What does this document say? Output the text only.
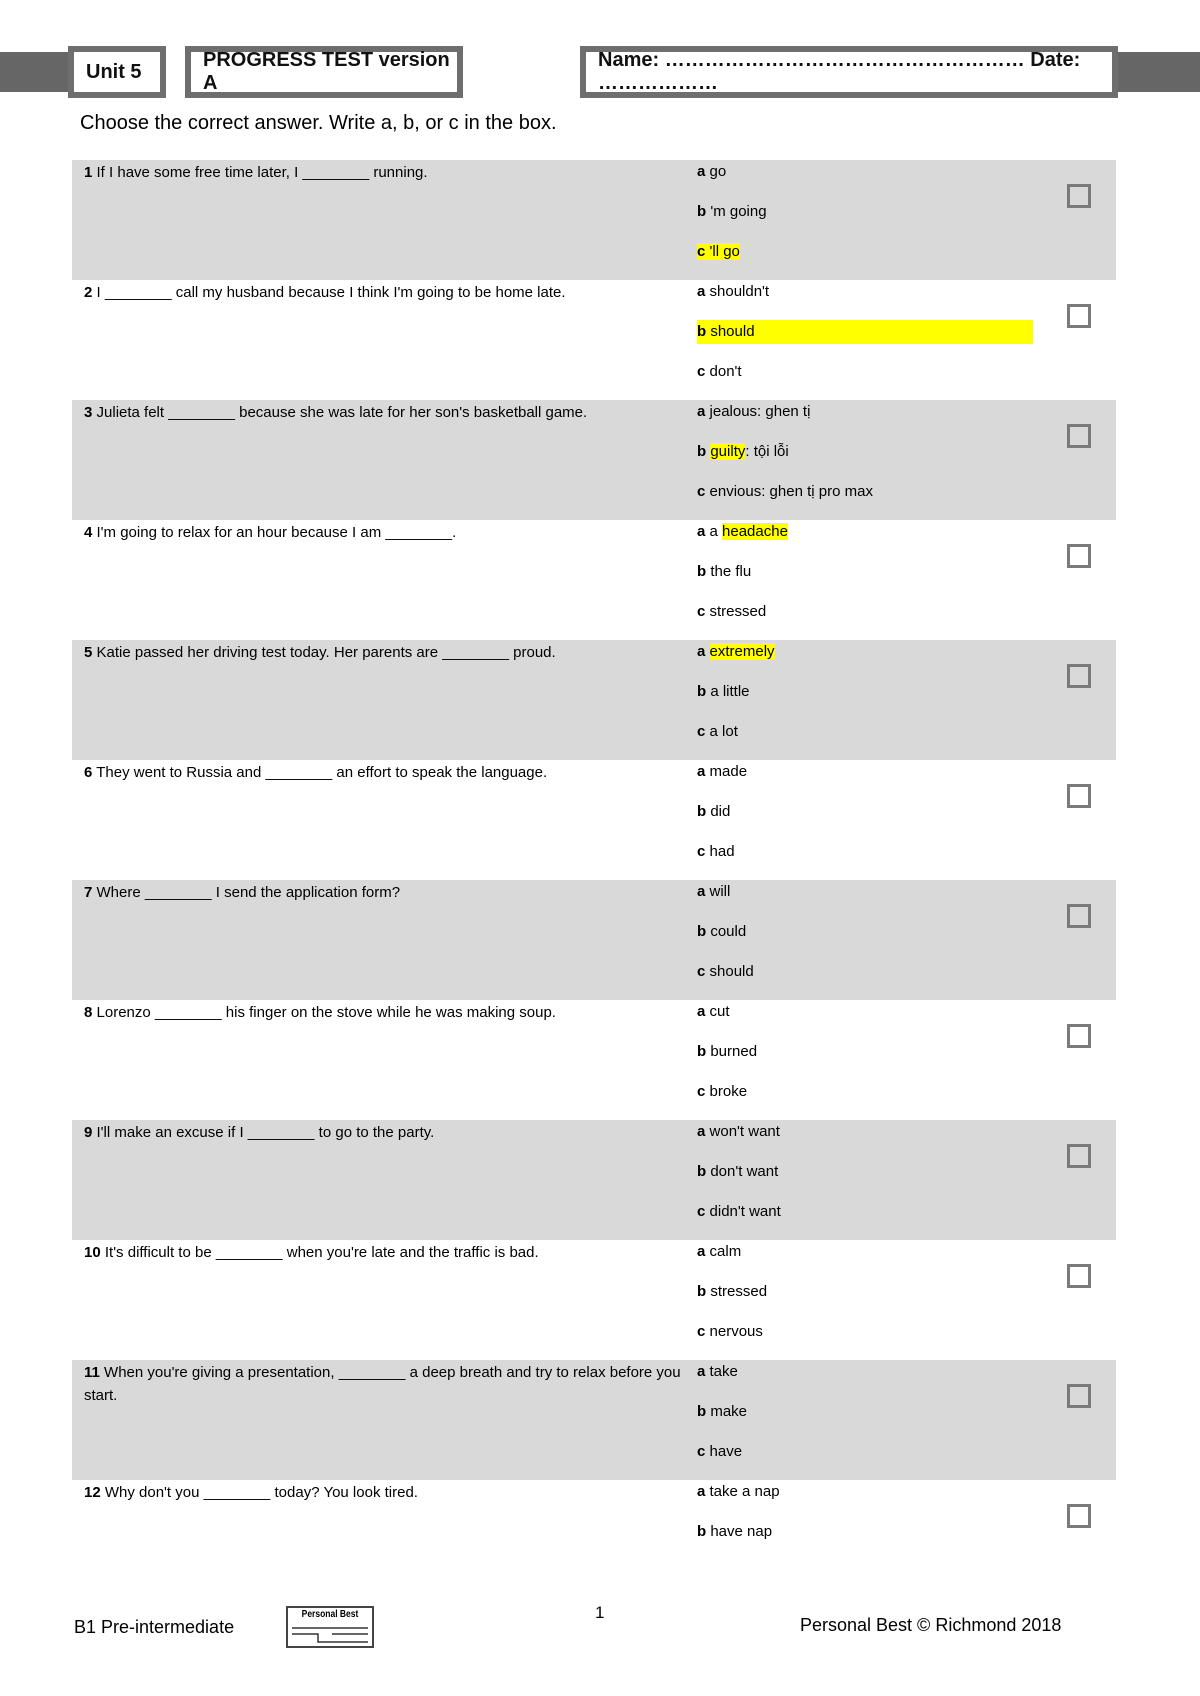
Unit 5
PROGRESS TEST version A
Name: ……………………………………………… Date: ………………
Choose the correct answer. Write a, b, or c in the box.
1 If I have some free time later, I ________ running.	a go
b 'm going
c 'll go
2 I ________ call my husband because I think I'm going to be home late.	a shouldn't
b should
c don't
3 Julieta felt ________ because she was late for her son's basketball game.	a jealous: ghen tị
b guilty: tội lỗi
c envious: ghen tị pro max
4 I'm going to relax for an hour because I am ________.	a a headache
b the flu
c stressed
5 Katie passed her driving test today. Her parents are ________ proud.	a extremely
b a little
c a lot
6 They went to Russia and ________ an effort to speak the language.	a made
b did
c had
7 Where ________ I send the application form?	a will
b could
c should
8 Lorenzo ________ his finger on the stove while he was making soup.	a cut
b burned
c broke
9 I'll make an excuse if I ________ to go to the party.	a won't want
b don't want
c didn't want
10 It's difficult to be ________ when you're late and the traffic is bad.	a calm
b stressed
c nervous
11 When you're giving a presentation, ________ a deep breath and try to relax before you start.
a take
b make
c have
12 Why don't you ________ today? You look tired.	a take a nap
b have nap
B1 Pre-intermediate
Personal Best	1
Personal Best © Richmond 2018
